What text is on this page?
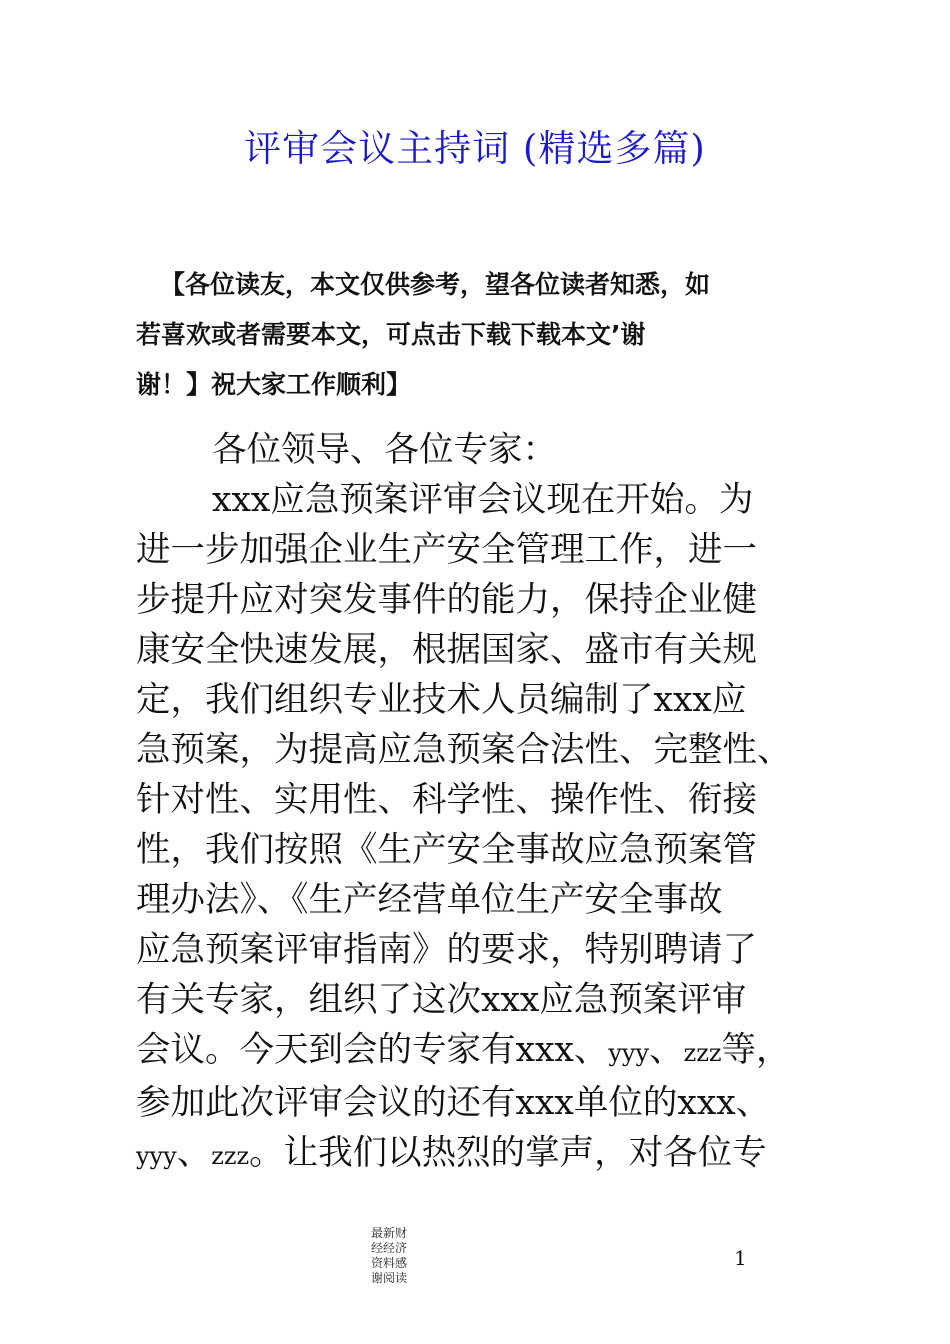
评审会议主持词 (精选多篇)

【各位读友，本文仅供参考，望各位读者知悉，如

若喜欢或者需要本文，可点击下载下载本文’谢

谢！】祝大家工作顺利】

各位领导、各位专家：

xxx应急预案评审会议现在开始。为

进一步加强企业生产安全管理工作，进一

步提升应对突发事件的能力，保持企业健

康安全快速发展，根据国家、盛市有关规

定，我们组织专业技术人员编制了xxx应

急预案，为提高应急预案合法性、完整性、

针对性、实用性、科学性、操作性、衔接

性，我们按照《生产安全事故应急预案管

理办法》、《生产经营单位生产安全事故

应急预案评审指南》的要求，特别聘请了

有关专家，组织了这次xxx应急预案评审

会议。今天到会的专家有xxx、yyy、zzz等，

参加此次评审会议的还有xxx单位的xxx、

yyy、zzz。让我们以热烈的掌声，对各位专

最新财
经经济
资料感
谢阅读
1
